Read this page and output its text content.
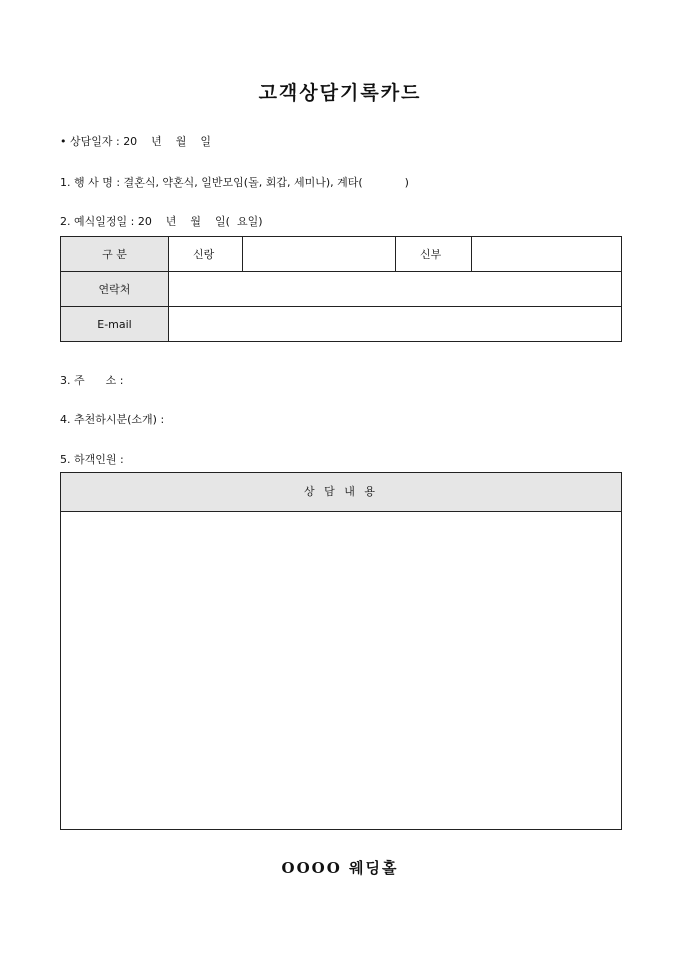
고객상담기록카드
• 상담일자 : 20    년    월    일
1. 행 사 명 : 결혼식, 약혼식, 일반모임(돌, 회갑, 세미나), 계타(            )
2. 예식일정일 : 20    년    월    일(  요일)
구 분	신랑		신부	
연락처				
E-mail				
3. 주      소 :
4. 추천하시분(소개) :
5. 하객인원 :
상 담 내 용
OOOO 웨딩홀
